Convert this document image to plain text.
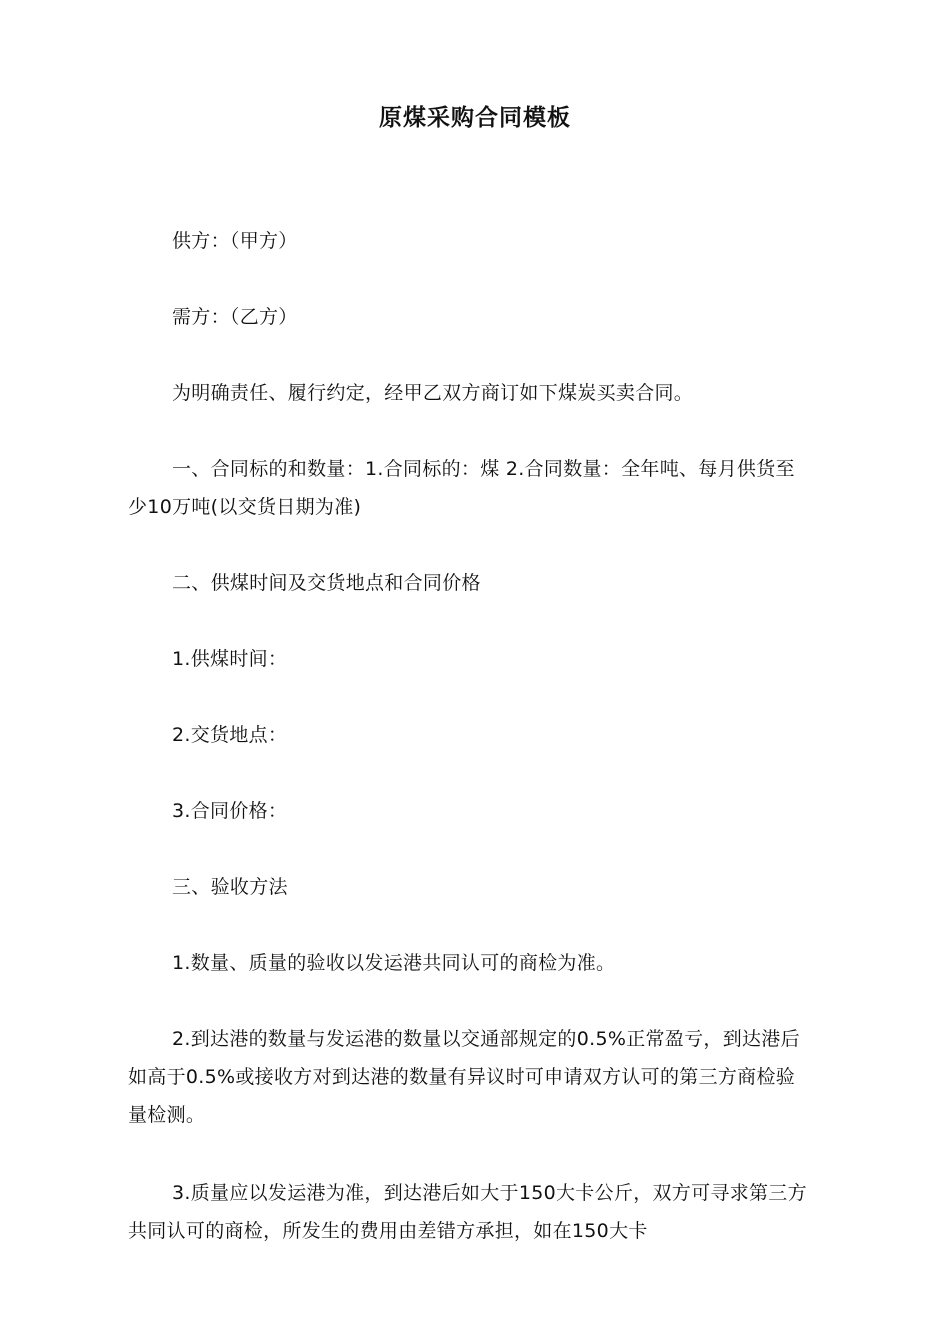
原煤采购合同模板

供方：（甲方）

需方：（乙方）

为明确责任、履行约定，经甲乙双方商订如下煤炭买卖合同。

一、合同标的和数量：1.合同标的：煤 2.合同数量：全年吨、每月供货至少10万吨(以交货日期为准)

二、供煤时间及交货地点和合同价格

1.供煤时间：

2.交货地点：

3.合同价格：

三、验收方法

1.数量、质量的验收以发运港共同认可的商检为准。

2.到达港的数量与发运港的数量以交通部规定的0.5%正常盈亏，到达港后如高于0.5%或接收方对到达港的数量有异议时可申请双方认可的第三方商检验量检测。

3.质量应以发运港为准，到达港后如大于150大卡公斤，双方可寻求第三方共同认可的商检，所发生的费用由差错方承担，如在150大卡
